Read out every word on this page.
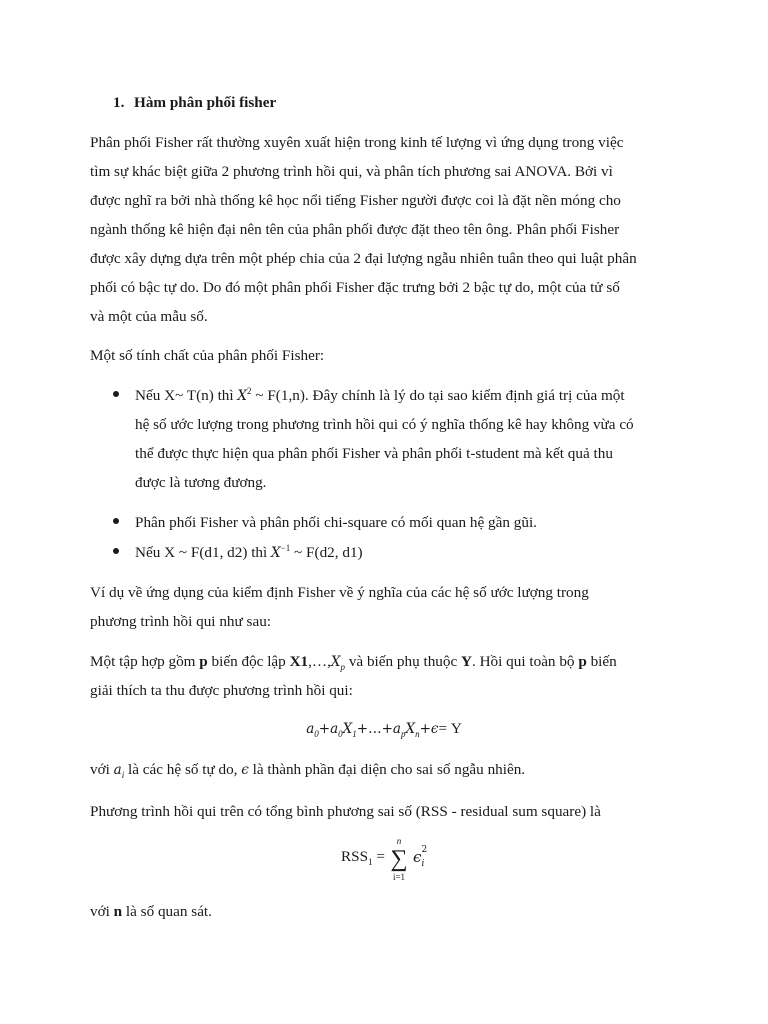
1. Hàm phân phối fisher
Phân phối Fisher rất thường xuyên xuất hiện trong kinh tế lượng vì ứng dụng trong việc
tìm sự khác biệt giữa 2 phương trình hồi qui, và phân tích phương sai ANOVA. Bởi vì
được nghĩ ra bởi nhà thống kê học nổi tiếng Fisher người được coi là đặt nền móng cho
ngành thống kê hiện đại nên tên của phân phối được đặt theo tên ông. Phân phối Fisher
được xây dựng dựa trên một phép chia của 2 đại lượng ngẫu nhiên tuân theo qui luật phân
phối có bậc tự do. Do đó một phân phối Fisher đặc trưng bởi 2 bậc tự do, một của tử số
và một của mẫu số.
Một số tính chất của phân phối Fisher:
Nếu X~ T(n) thì $X^2$ ~ F(1,n). Đây chính là lý do tại sao kiểm định giá trị của một
hệ số ước lượng trong phương trình hồi qui có ý nghĩa thống kê hay không vừa có
thể được thực hiện qua phân phối Fisher và phân phối t-student mà kết quả thu
được là tương đương.
Phân phối Fisher và phân phối chi-square có mối quan hệ gần gũi.
Nếu X ~ F(d1, d2) thì $X^{-1}$ ~ F(d2, d1)
Ví dụ về ứng dụng của kiểm định Fisher về ý nghĩa của các hệ số ước lượng trong
phương trình hồi qui như sau:
Một tập hợp gồm p biến độc lập $X1,\dots,X_p$ và biến phụ thuộc Y. Hồi qui toàn bộ p biến
giải thích ta thu được phương trình hồi qui:
$a_0+a_0X_1+\dots+a_pX_n+\epsilon= Y$
với $a_i$ là các hệ số tự do, ϵ là thành phần đại diện cho sai số ngẫu nhiên.
Phương trình hồi qui trên có tổng bình phương sai số (RSS - residual sum square) là
$RSS_1$ =
n
∑
i=1
ϵ 2
i
với n là số quan sát.
